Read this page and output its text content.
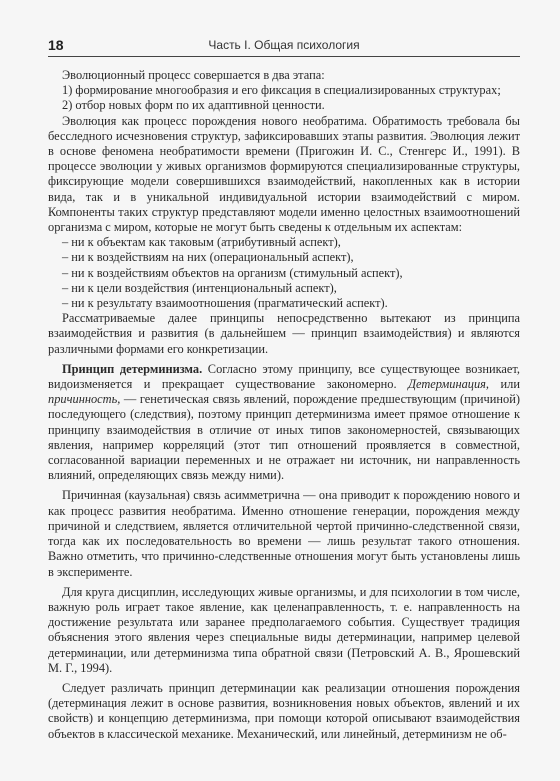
18	Часть I. Общая психология

Эволюционный процесс совершается в два этапа:

1) формирование многообразия и его фиксация в специализированных структурах;

2) отбор новых форм по их адаптивной ценности.

Эволюция как процесс порождения нового необратима. Обратимость требовала бы бесследного исчезновения структур, зафиксировавших этапы развития. Эволюция лежит в основе феномена необратимости времени (Пригожин И. С., Стенгерс И., 1991). В процессе эволюции у живых организмов формируются специализированные структуры, фиксирующие модели совершившихся взаимодействий, накопленных как в истории вида, так и в уникальной индивидуальной истории взаимодействий с миром. Компоненты таких структур представляют модели именно целостных взаимоотношений организма с миром, которые не могут быть сведены к отдельным их аспектам:

– ни к объектам как таковым (атрибутивный аспект),
– ни к воздействиям на них (операциональный аспект),
– ни к воздействиям объектов на организм (стимульный аспект),
– ни к цели воздействия (интенциональный аспект),
– ни к результату взаимоотношения (прагматический аспект).

Рассматриваемые далее принципы непосредственно вытекают из принципа взаимодействия и развития (в дальнейшем — принцип взаимодействия) и являются различными формами его конкретизации.

Принцип детерминизма. Согласно этому принципу, все существующее возникает, видоизменяется и прекращает существование закономерно. Детерминация, или причинность, — генетическая связь явлений, порождение предшествующим (причиной) последующего (следствия), поэтому принцип детерминизма имеет прямое отношение к принципу взаимодействия в отличие от иных типов закономерностей, связывающих явления, например корреляций (этот тип отношений проявляется в совместной, согласованной вариации переменных и не отражает ни источник, ни направленность влияний, определяющих связь между ними).

Причинная (каузальная) связь асимметрична — она приводит к порождению нового и как процесс развития необратима. Именно отношение генерации, порождения между причиной и следствием, является отличительной чертой причинно-следственной связи, тогда как их последовательность во времени — лишь результат такого отношения. Важно отметить, что причинно-следственные отношения могут быть установлены лишь в эксперименте.

Для круга дисциплин, исследующих живые организмы, и для психологии в том числе, важную роль играет такое явление, как целенаправленность, т. е. направленность на достижение результата или заранее предполагаемого события. Существует традиция объяснения этого явления через специальные виды детерминации, например целевой детерминации, или детерминизма типа обратной связи (Петровский А. В., Ярошевский М. Г., 1994).

Следует различать принцип детерминации как реализации отношения порождения (детерминация лежит в основе развития, возникновения новых объектов, явлений и их свойств) и концепцию детерминизма, при помощи которой описывают взаимодействия объектов в классической механике. Механический, или линейный, детерминизм не об-
